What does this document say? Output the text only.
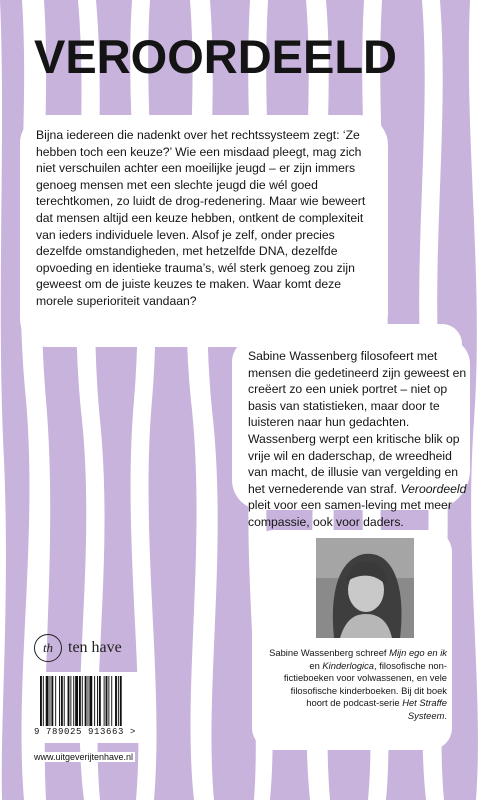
VEROORDEELD

Bijna iedereen die nadenkt over het rechtssysteem zegt: ‘Ze hebben toch een keuze?’ Wie een misdaad pleegt, mag zich niet verschuilen achter een moeilijke jeugd – er zijn immers genoeg mensen met een slechte jeugd die wél goed terechtkomen, zo luidt de drog-redenering. Maar wie beweert dat mensen altijd een keuze hebben, ontkent de complexiteit van ieders individuele leven. Alsof je zelf, onder precies dezelfde omstandigheden, met hetzelfde DNA, dezelfde opvoeding en identieke trauma’s, wél sterk genoeg zou zijn geweest om de juiste keuzes te maken. Waar komt deze morele superioriteit vandaan?

Sabine Wassenberg filosofeert met mensen die gedetineerd zijn geweest en creëert zo een uniek portret – niet op basis van statistieken, maar door te luisteren naar hun gedachten. Wassenberg werpt een kritische blik op vrije wil en daderschap, de wreedheid van macht, de illusie van vergelding en het vernederende van straf. Veroordeeld pleit voor een samen-leving met meer compassie, ook voor daders.

Sabine Wassenberg schreef Mijn ego en ik en Kinderlogica, filosofische non-fictieboeken voor volwassenen, en vele filosofische kinderboeken. Bij dit boek hoort de podcast-serie Het Straffe Systeem.

th ten have
9 789025 913663 >
www.uitgeverijtenhave.nl
